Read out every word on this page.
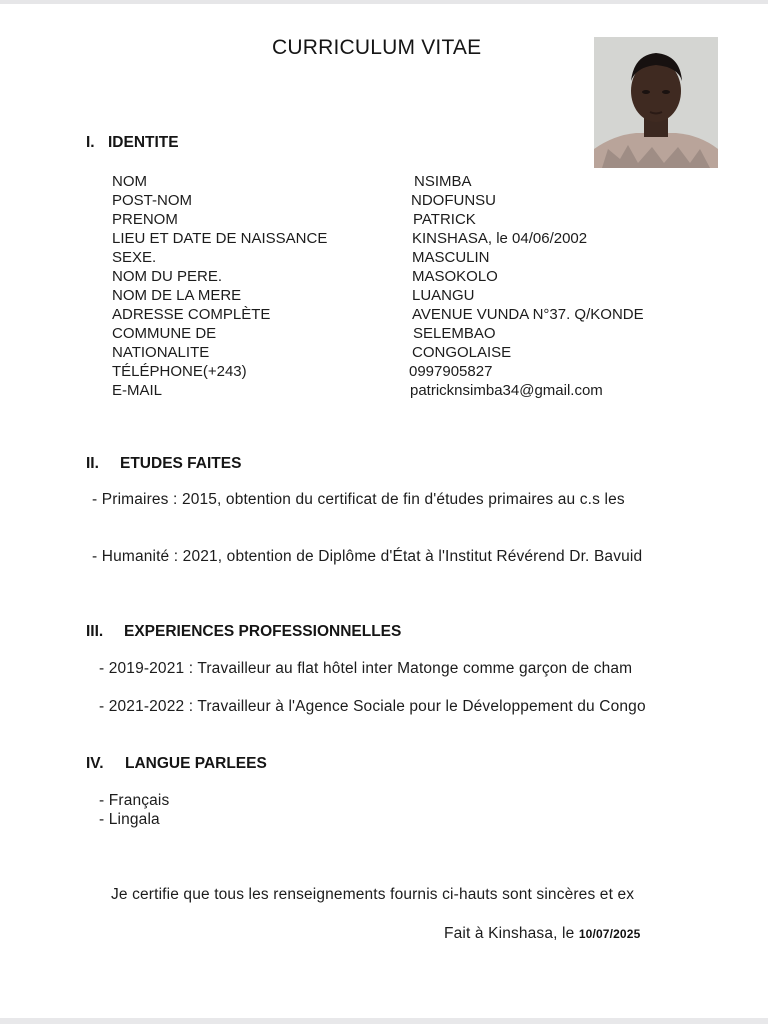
CURRICULUM VITAE
I. IDENTITE
NOM	NSIMBA
POST-NOM	NDOFUNSU
PRENOM	PATRICK
LIEU ET DATE DE NAISSANCE	KINSHASA, le 04/06/2002
SEXE.	MASCULIN
NOM DU PERE.	MASOKOLO
NOM DE LA MERE	LUANGU
ADRESSE COMPLÈTE	AVENUE VUNDA N°37. Q/KONDE
COMMUNE DE	SELEMBAO
NATIONALITE	CONGOLAISE
TÉLÉPHONE(+243)	0997905827
E-MAIL	patricknsimba34@gmail.com
II.	ETUDES FAITES
- Primaires : 2015, obtention du certificat de fin d'études primaires au c.s les
- Humanité : 2021, obtention de Diplôme d'État à l'Institut Révérend Dr. Bavuid
III.	EXPERIENCES PROFESSIONNELLES
- 2019-2021 : Travailleur au flat hôtel inter Matonge comme garçon de cham
- 2021-2022 : Travailleur à l'Agence Sociale pour le Développement du Congo
IV.	LANGUE PARLEES
- Français
- Lingala
Je certifie que tous les renseignements fournis ci-hauts sont sincères et ex
Fait à Kinshasa, le 10/07/2025
